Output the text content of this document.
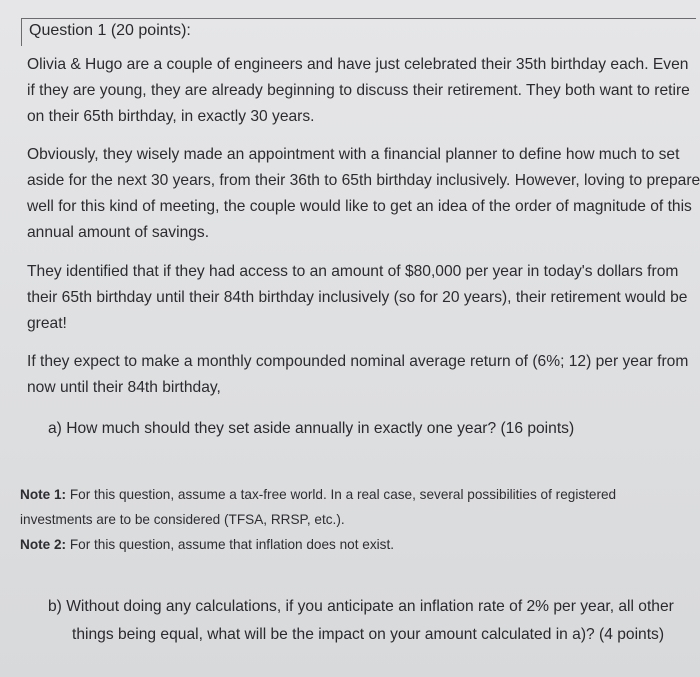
Question 1 (20 points):
Olivia & Hugo are a couple of engineers and have just celebrated their 35th birthday each. Even
if they are young, they are already beginning to discuss their retirement. They both want to retire
on their 65th birthday, in exactly 30 years.
Obviously, they wisely made an appointment with a financial planner to define how much to set
aside for the next 30 years, from their 36th to 65th birthday inclusively. However, loving to prepare
well for this kind of meeting, the couple would like to get an idea of the order of magnitude of this
annual amount of savings.
They identified that if they had access to an amount of $80,000 per year in today's dollars from
their 65th birthday until their 84th birthday inclusively (so for 20 years), their retirement would be
great!
If they expect to make a monthly compounded nominal average return of (6%; 12) per year from
now until their 84th birthday,
a) How much should they set aside annually in exactly one year? (16 points)
Note 1: For this question, assume a tax-free world. In a real case, several possibilities of registered
investments are to be considered (TFSA, RRSP, etc.).
Note 2: For this question, assume that inflation does not exist.
b) Without doing any calculations, if you anticipate an inflation rate of 2% per year, all other
things being equal, what will be the impact on your amount calculated in a)? (4 points)
